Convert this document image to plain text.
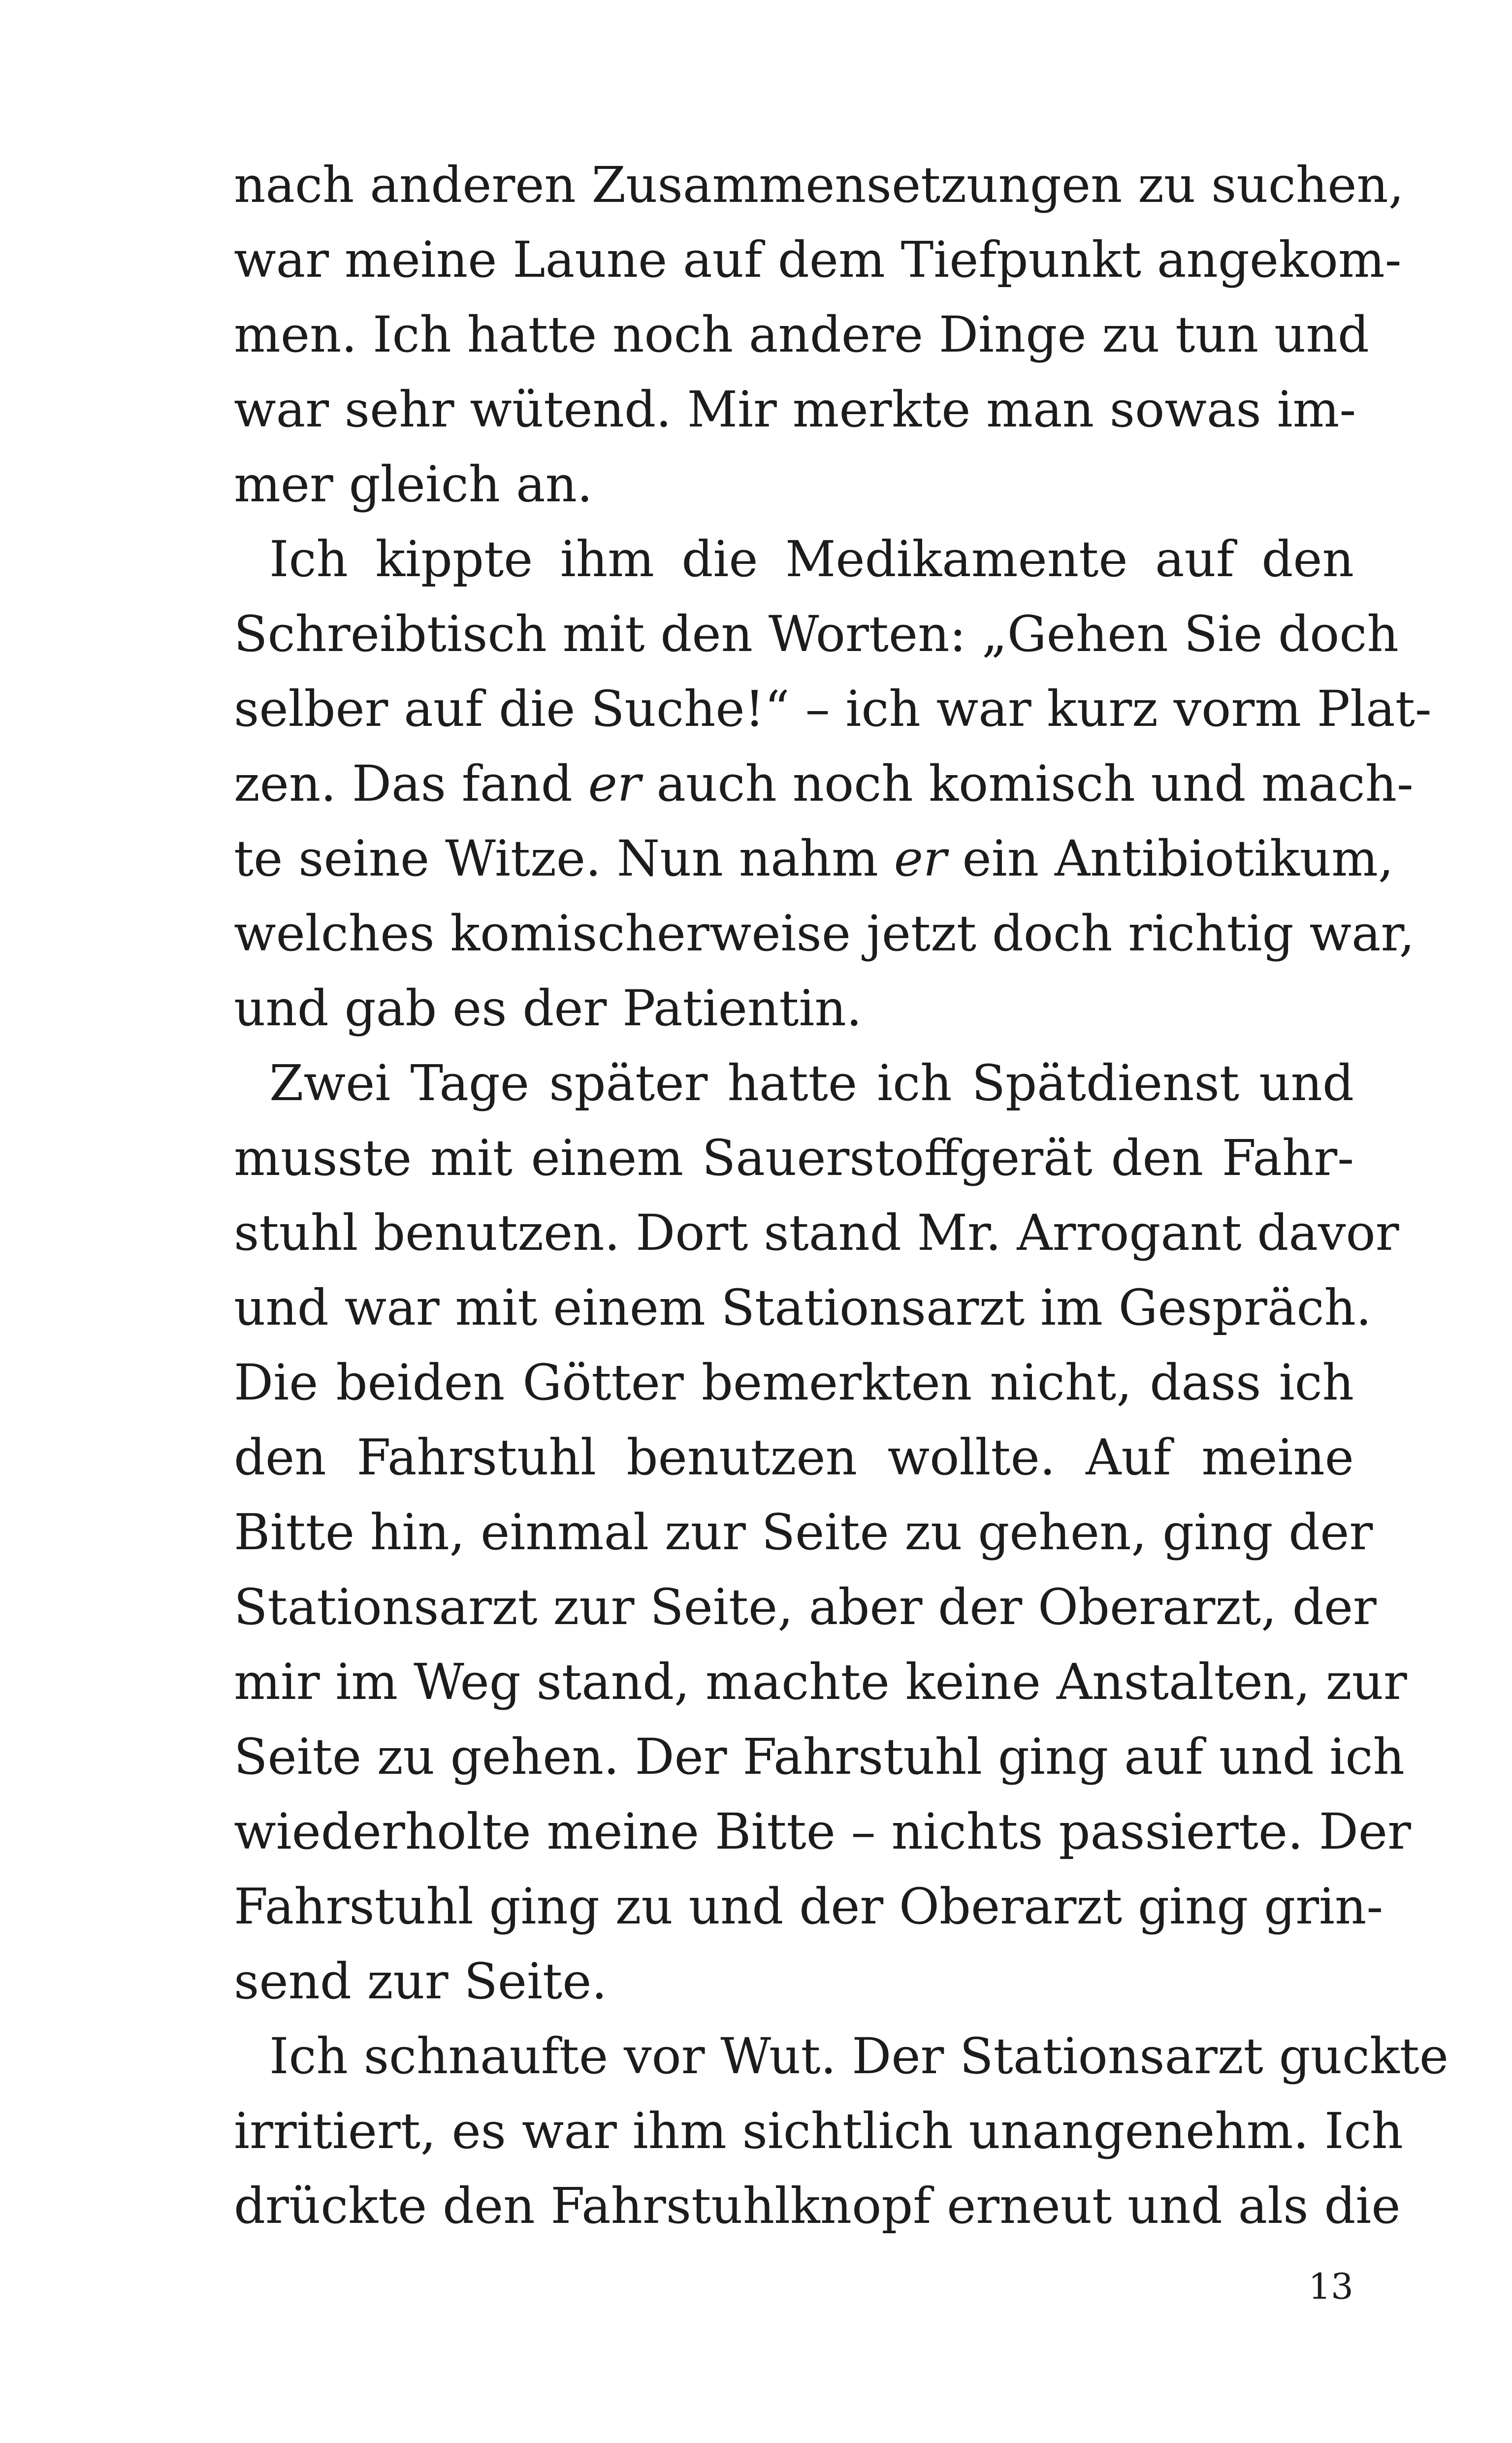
nach anderen Zusammensetzungen zu suchen,
war meine Laune auf dem Tiefpunkt angekom-
men. Ich hatte noch andere Dinge zu tun und
war sehr wütend. Mir merkte man sowas im-
mer gleich an.
Ich kippte ihm die Medikamente auf den
Schreibtisch mit den Worten: „Gehen Sie doch
selber auf die Suche!“ – ich war kurz vorm Plat-
zen. Das fand er auch noch komisch und mach-
te seine Witze. Nun nahm er ein Antibiotikum,
welches komischerweise jetzt doch richtig war,
und gab es der Patientin.
Zwei Tage später hatte ich Spätdienst und
musste mit einem Sauerstoffgerät den Fahr-
stuhl benutzen. Dort stand Mr. Arrogant davor
und war mit einem Stationsarzt im Gespräch.
Die beiden Götter bemerkten nicht, dass ich
den Fahrstuhl benutzen wollte. Auf meine
Bitte hin, einmal zur Seite zu gehen, ging der
Stationsarzt zur Seite, aber der Oberarzt, der
mir im Weg stand, machte keine Anstalten, zur
Seite zu gehen. Der Fahrstuhl ging auf und ich
wiederholte meine Bitte – nichts passierte. Der
Fahrstuhl ging zu und der Oberarzt ging grin-
send zur Seite.
Ich schnaufte vor Wut. Der Stationsarzt guckte
irritiert, es war ihm sichtlich unangenehm. Ich
drückte den Fahrstuhlknopf erneut und als die
13
